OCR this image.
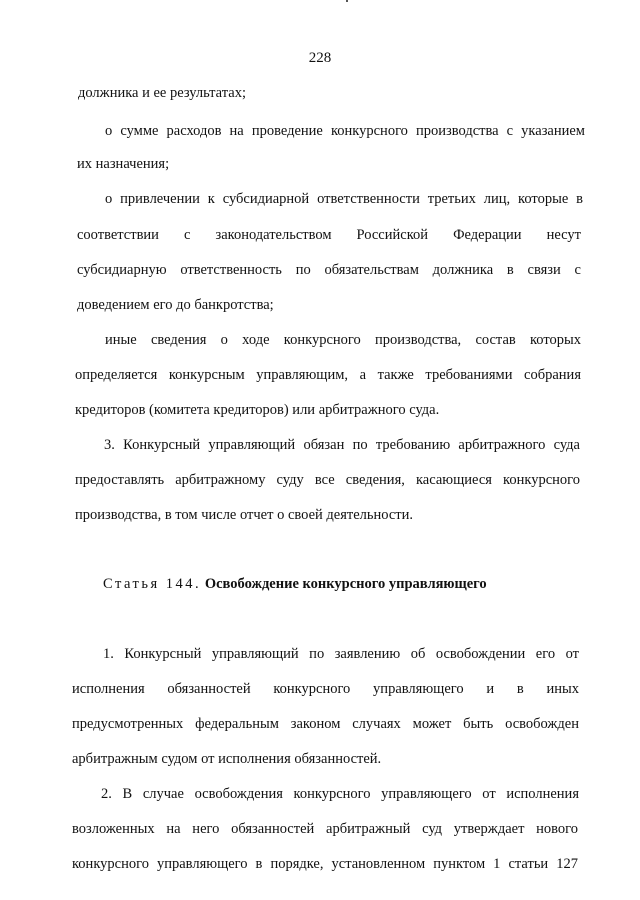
228
должника и ее результатах;
о сумме расходов на проведение конкурсного производства с указанием
их назначения;
о привлечении к субсидиарной ответственности третьих лиц, которые в
соответствии с законодательством Российской Федерации несут
субсидиарную ответственность по обязательствам должника в связи с
доведением его до банкротства;
иные сведения о ходе конкурсного производства, состав которых
определяется конкурсным управляющим, а также требованиями собрания
кредиторов (комитета кредиторов) или арбитражного суда.
3. Конкурсный управляющий обязан по требованию арбитражного суда
предоставлять арбитражному суду все сведения, касающиеся конкурсного
производства, в том числе отчет о своей деятельности.
Статья 144. Освобождение конкурсного управляющего
1. Конкурсный управляющий по заявлению об освобождении его от
исполнения обязанностей конкурсного управляющего и в иных
предусмотренных федеральным законом случаях может быть освобожден
арбитражным судом от исполнения обязанностей.
2. В случае освобождения конкурсного управляющего от исполнения
возложенных на него обязанностей арбитражный суд утверждает нового
конкурсного управляющего в порядке, установленном пунктом 1 статьи 127
